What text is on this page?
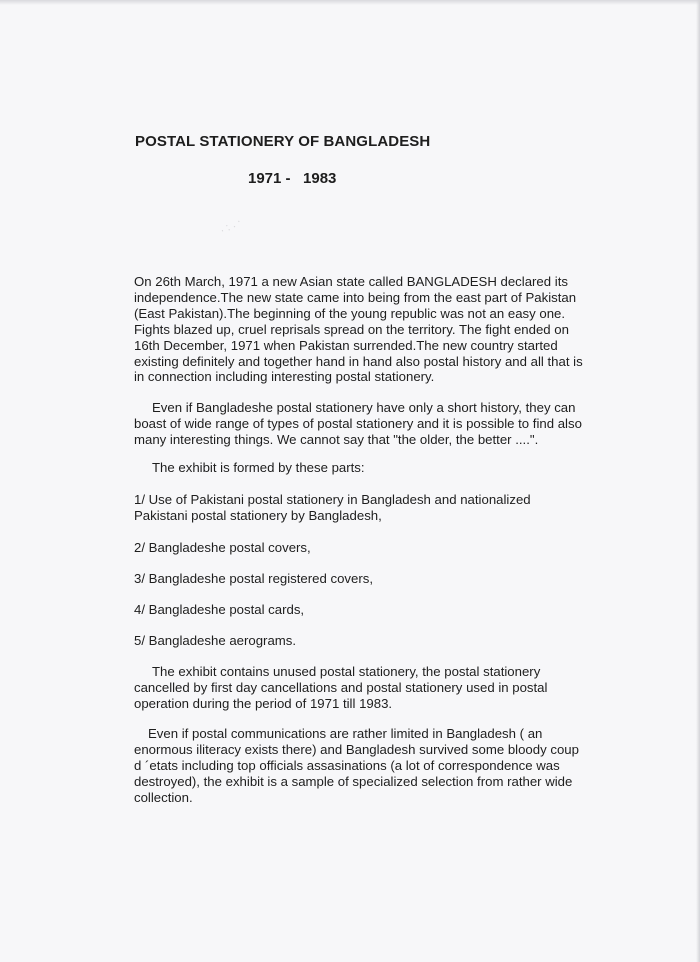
POSTAL STATIONERY OF BANGLADESH
1971 -   1983
· : . ·

On 26th March, 1971 a new Asian state called BANGLADESH declared its
independence.The new state came into being from the east part of Pakistan
(East Pakistan).The beginning of the young republic was not an easy one.
Fights blazed up, cruel reprisals spread on the territory. The fight ended on
16th December, 1971 when Pakistan surrended.The new country started
existing definitely and together hand in hand also postal history and all that is
in connection including interesting postal stationery.

Even if Bangladeshe postal stationery have only a short history, they can
boast of wide range of types of postal stationery and it is possible to find also
many interesting things. We cannot say that "the older, the better ....".

The exhibit is formed by these parts:

1/ Use of Pakistani postal stationery in Bangladesh and nationalized
Pakistani postal stationery by Bangladesh,

2/ Bangladeshe postal covers,

3/ Bangladeshe postal registered covers,

4/ Bangladeshe postal cards,

5/ Bangladeshe aerograms.

The exhibit contains unused postal stationery, the postal stationery
cancelled by first day cancellations and postal stationery used in postal
operation during the period of 1971 till 1983.

Even if postal communications are rather limited in Bangladesh ( an
enormous iliteracy exists there) and Bangladesh survived some bloody coup
d ´etats including top officials assasinations (a lot of correspondence was
destroyed), the exhibit is a sample of specialized selection from rather wide
collection.
